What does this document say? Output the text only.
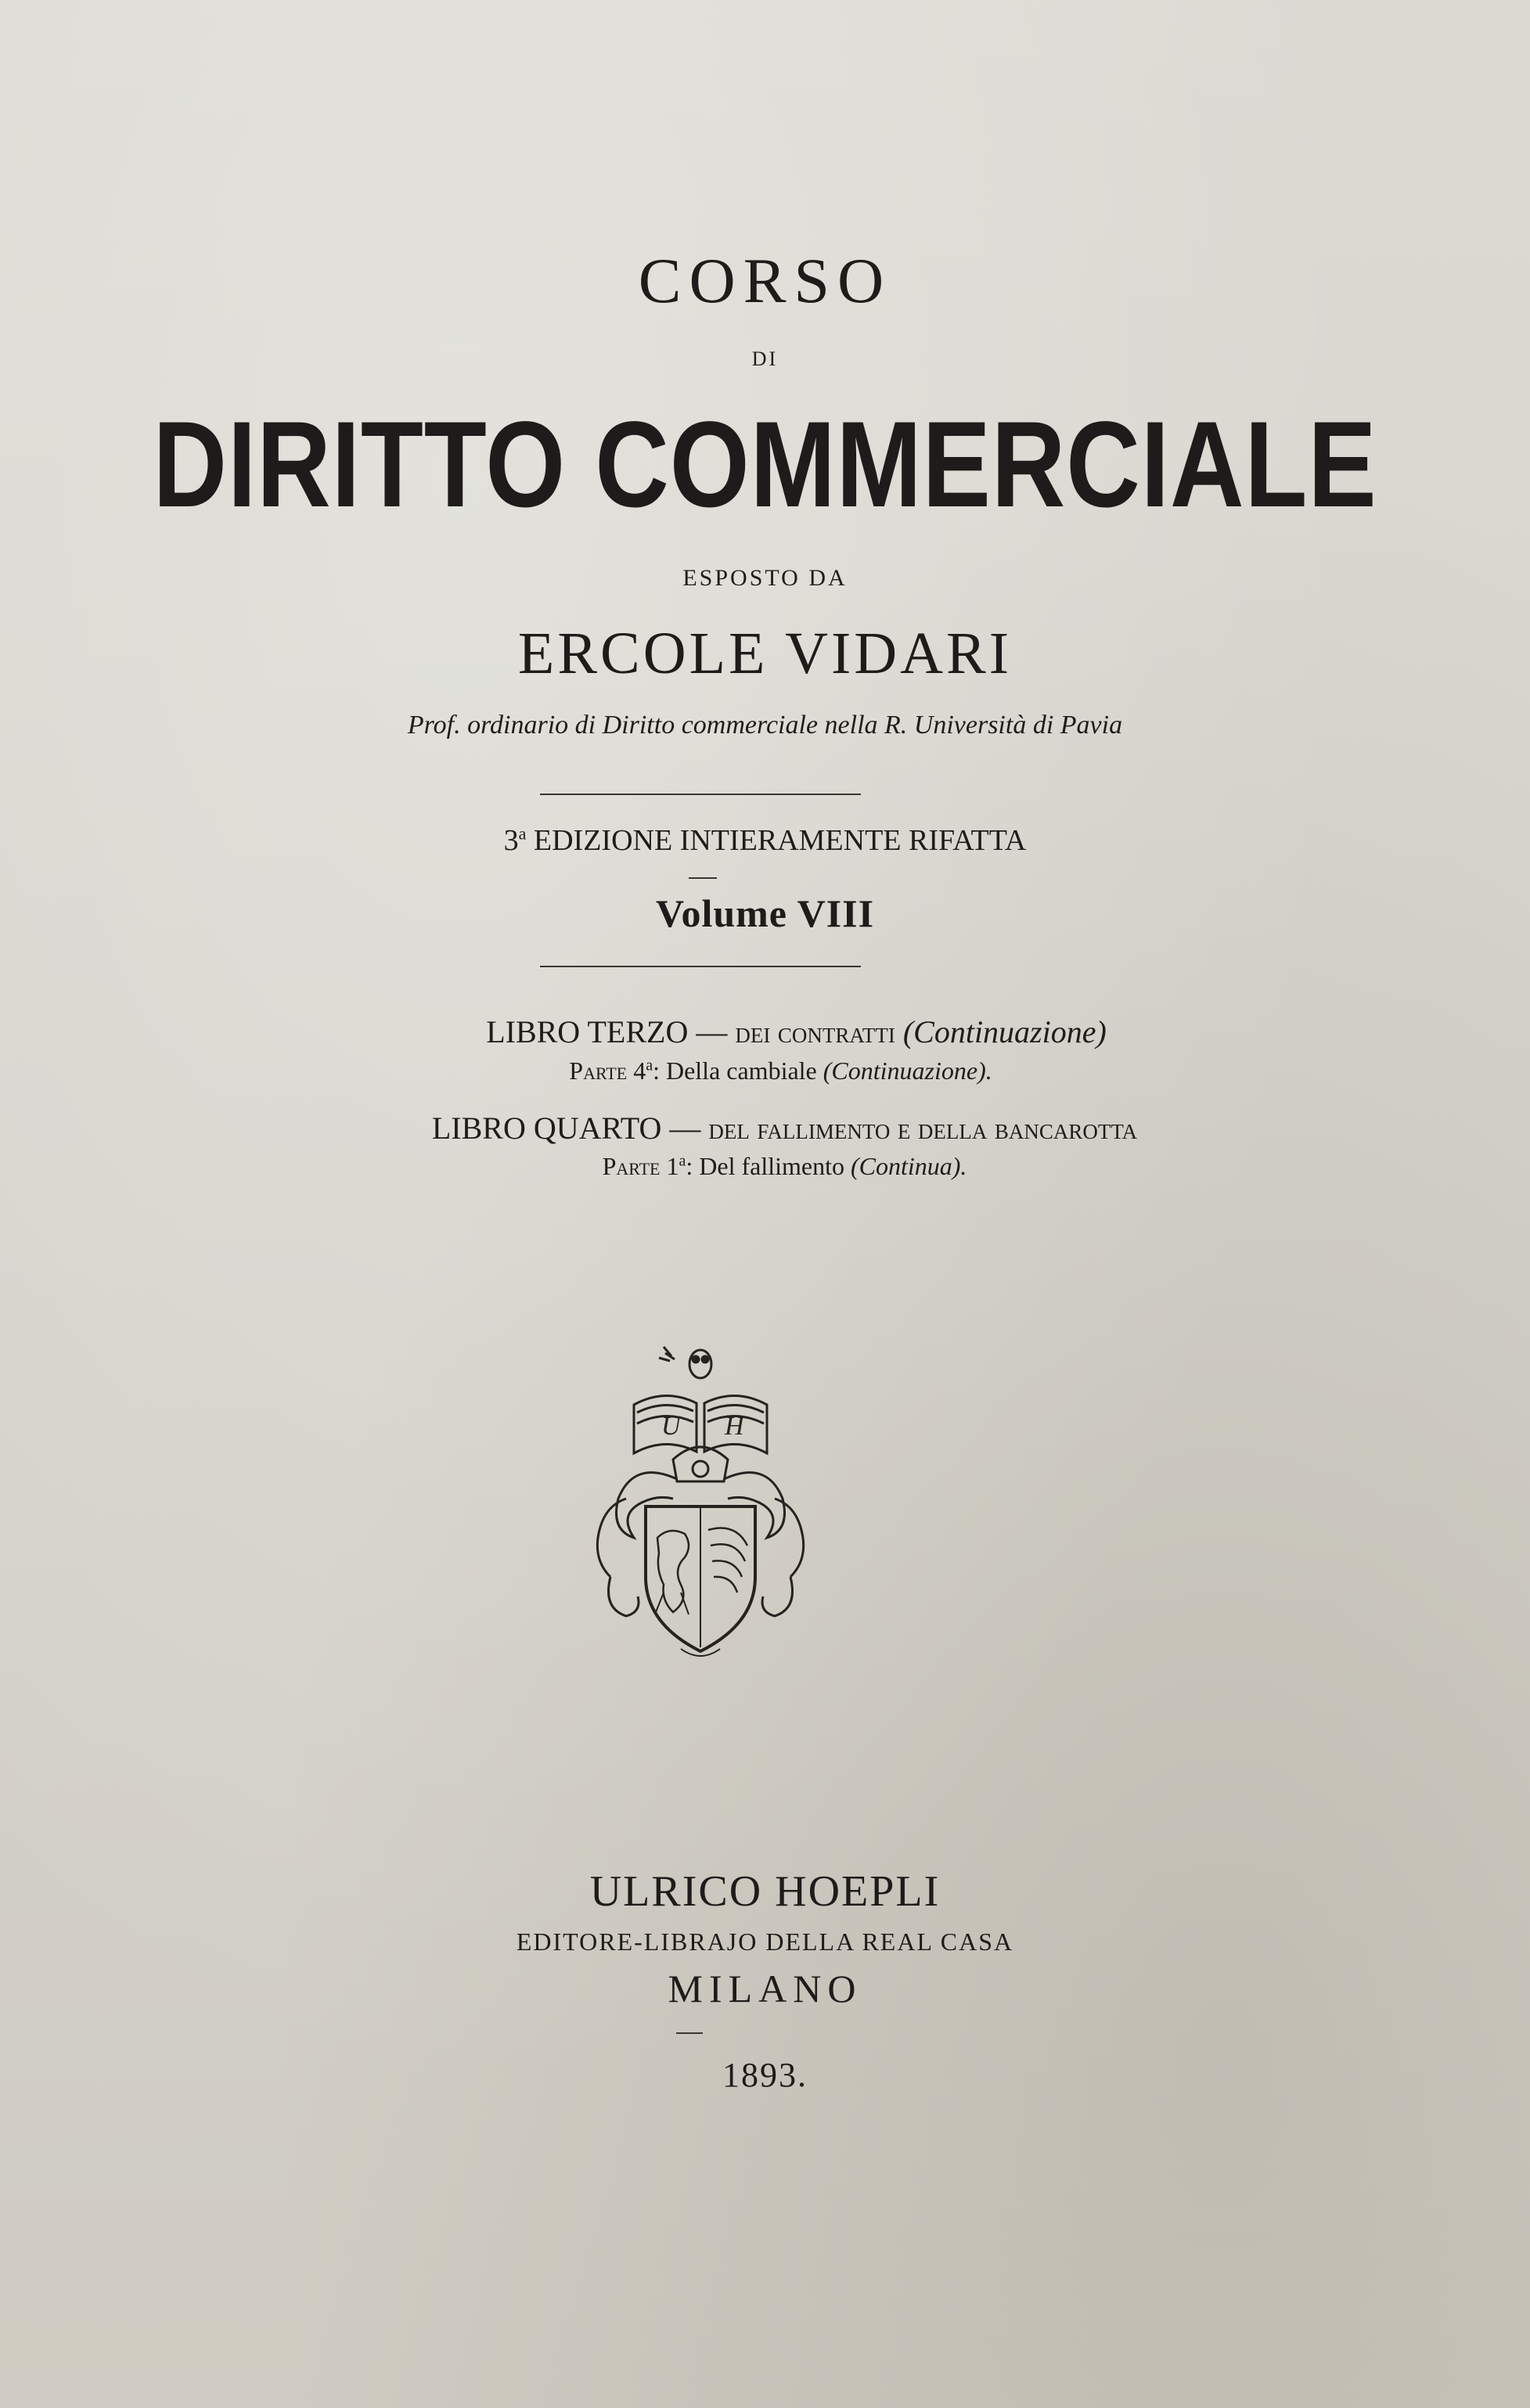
CORSO
DI
DIRITTO COMMERCIALE
ESPOSTO DA
ERCOLE VIDARI
Prof. ordinario di Diritto commerciale nella R. Università di Pavia
3$^a$ EDIZIONE INTIERAMENTE RIFATTA
Volume VIII
LIBRO TERZO — dei contratti (Continuazione)
Parte 4$^a$: Della cambiale (Continuazione).
LIBRO QUARTO — del fallimento e della bancarotta
Parte 1$^a$: Del fallimento (Continua).
U H
ULRICO HOEPLI
EDITORE-LIBRAJO DELLA REAL CASA
MILANO
1893.
